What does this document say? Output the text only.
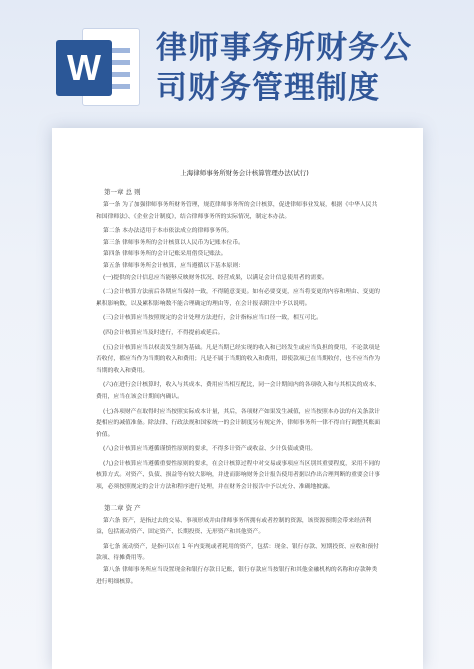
W	律师事务所财务公
司财务管理制度
上海律师事务所财务会计核算管理办法(试行)
第一章 总 则

第一条 为了加强律师事务所财务管理，规范律师事务所的会计核算，促进律师事业发展，根据《中华人民共和国律师法》、《企业会计制度》，结合律师事务所的实际情况，制定本办法。

第二条 本办法适用于本市依法成立的律师事务所。

第三条 律师事务所的会计核算以人民币为记账本位币。

第四条 律师事务所的会计记账采用借贷记账法。

第五条 律师事务所会计核算，应当遵循以下基本原则：

(一)提供的会计信息应当能够反映财务状况、经营成果，以满足会计信息使用者的需要。

(二)会计核算方法前后各期应当保持一致，不得随意变更。如有必要变更，应当将变更的内容和理由、变更的累积影响数，以及累积影响数不能合理确定的理由等，在会计报表附注中予以说明。

(三)会计核算应当按照规定的会计处理方法进行，会计指标应当口径一致，相互可比。

(四)会计核算应当及时进行，不得提前或延后。

(五)会计核算应当以权责发生制为基础。凡是当期已经实现的收入和已经发生或应当负担的费用，不论款项是否收付，都应当作为当期的收入和费用；凡是不属于当期的收入和费用，即使款项已在当期收付，也不应当作为当期的收入和费用。

(六)在进行会计核算时，收入与其成本、费用应当相互配比，同一会计期间内的各项收入和与其相关的成本、费用，应当在该会计期间内确认。

(七)各项财产在取得时应当按照实际成本计量，其后，各项财产如果发生减值，应当按照本办法的有关条款计提相应的减值准备。除法律、行政法规和国家统一的会计制度另有规定外，律师事务所一律不得自行调整其账面价值。

(八)会计核算应当遵循谨慎性原则的要求，不得多计资产或收益、少计负债或费用。

(九)会计核算应当遵循重要性原则的要求，在会计核算过程中对交易或事项应当区别其重要程度，采用不同的核算方式。对资产、负债、损益等有较大影响，并进而影响财务会计报告使用者据以作出合理判断的重要会计事项，必须按照规定的会计方法和程序进行处理，并在财务会计报告中予以充分、准确地披露。

第二章 资 产

第六条 资产，是指过去的交易、事项形成并由律师事务所拥有或者控制的资源，该资源预期会带来经济利益，包括流动资产、固定资产、长期投资、无形资产和其他资产。

第七条 流动资产，是指可以在 1 年内变现或者耗用的资产，包括：现金、银行存款、短期投资、应收和预付款项、待摊费用等。

第八条 律师事务所应当设置现金和银行存款日记账，银行存款应当按银行和其他金融机构的名称和存款种类进行明细核算。
